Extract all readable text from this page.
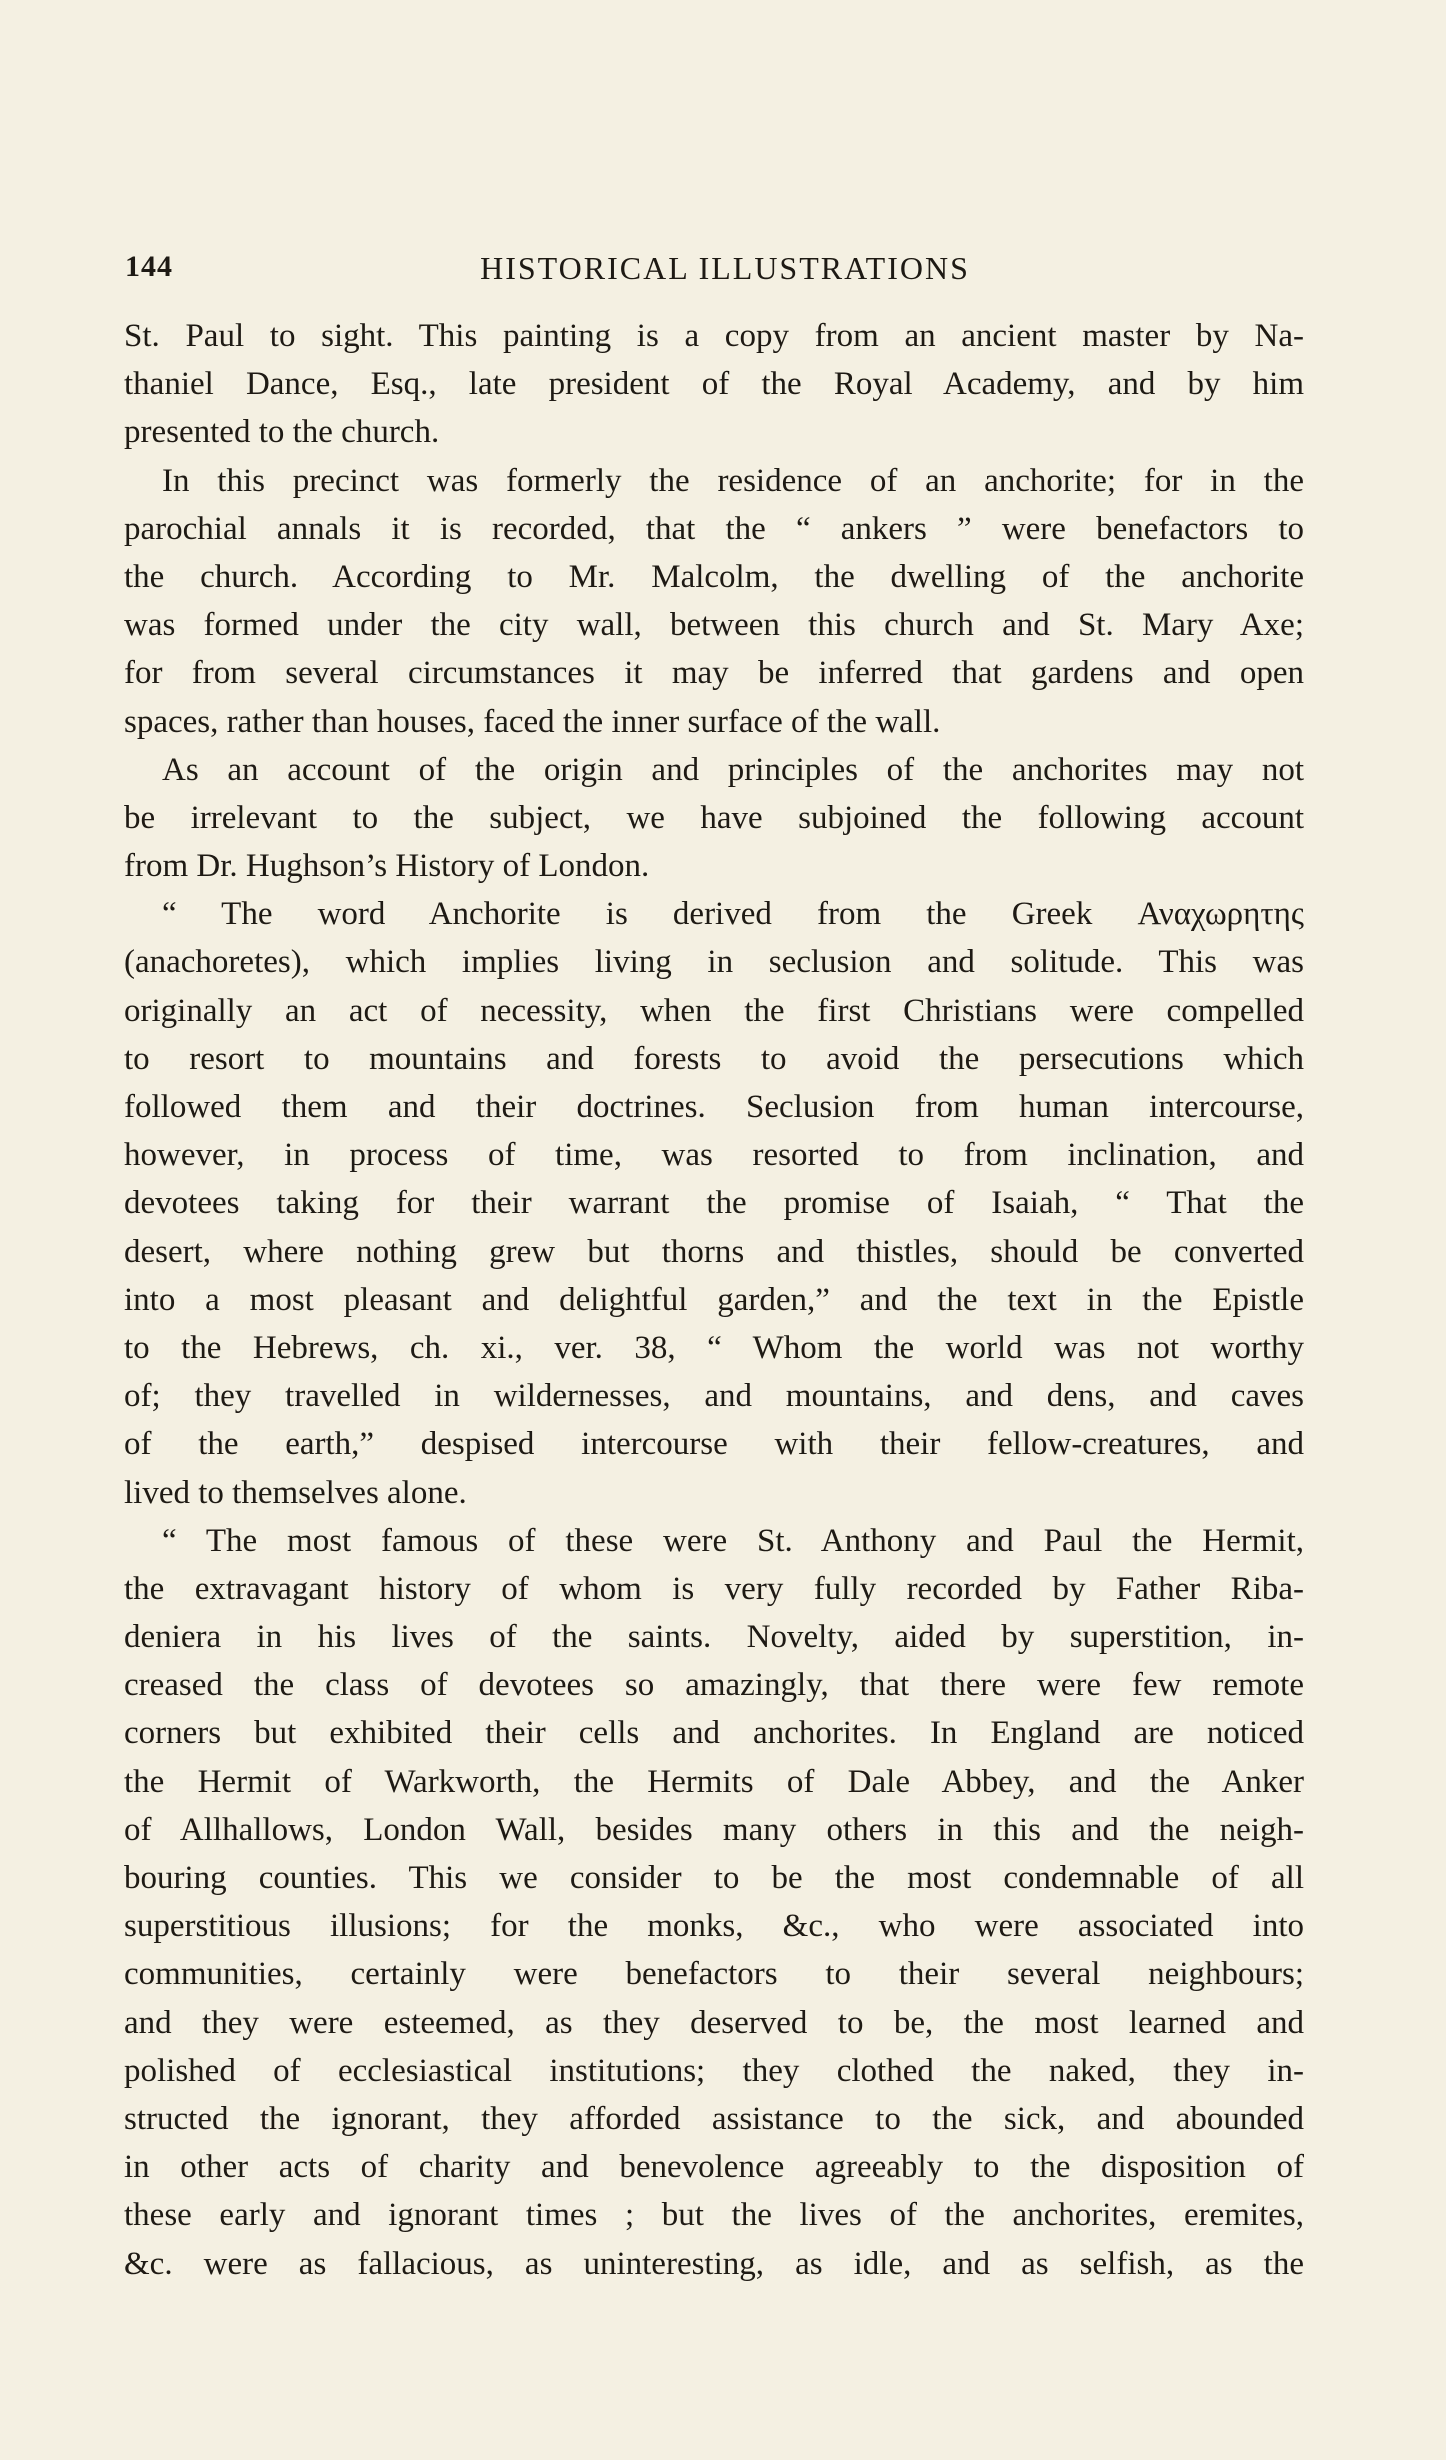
144	HISTORICAL ILLUSTRATIONS
St. Paul to sight. This painting is a copy from an ancient master by Na-
thaniel Dance, Esq., late president of the Royal Academy, and by him
presented to the church.
In this precinct was formerly the residence of an anchorite; for in the
parochial annals it is recorded, that the “ ankers ” were benefactors to
the church. According to Mr. Malcolm, the dwelling of the anchorite
was formed under the city wall, between this church and St. Mary Axe;
for from several circumstances it may be inferred that gardens and open
spaces, rather than houses, faced the inner surface of the wall.
As an account of the origin and principles of the anchorites may not
be irrelevant to the subject, we have subjoined the following account
from Dr. Hughson’s History of London.
“ The word Anchorite is derived from the Greek Αναχωρητης
(anachoretes), which implies living in seclusion and solitude. This was
originally an act of necessity, when the first Christians were compelled
to resort to mountains and forests to avoid the persecutions which
followed them and their doctrines. Seclusion from human intercourse,
however, in process of time, was resorted to from inclination, and
devotees taking for their warrant the promise of Isaiah, “ That the
desert, where nothing grew but thorns and thistles, should be converted
into a most pleasant and delightful garden,” and the text in the Epistle
to the Hebrews, ch. xi., ver. 38, “ Whom the world was not worthy
of; they travelled in wildernesses, and mountains, and dens, and caves
of the earth,” despised intercourse with their fellow-creatures, and
lived to themselves alone.
“ The most famous of these were St. Anthony and Paul the Hermit,
the extravagant history of whom is very fully recorded by Father Riba-
deniera in his lives of the saints. Novelty, aided by superstition, in-
creased the class of devotees so amazingly, that there were few remote
corners but exhibited their cells and anchorites. In England are noticed
the Hermit of Warkworth, the Hermits of Dale Abbey, and the Anker
of Allhallows, London Wall, besides many others in this and the neigh-
bouring counties. This we consider to be the most condemnable of all
superstitious illusions; for the monks, &c., who were associated into
communities, certainly were benefactors to their several neighbours;
and they were esteemed, as they deserved to be, the most learned and
polished of ecclesiastical institutions; they clothed the naked, they in-
structed the ignorant, they afforded assistance to the sick, and abounded
in other acts of charity and benevolence agreeably to the disposition of
these early and ignorant times ; but the lives of the anchorites, eremites,
&c. were as fallacious, as uninteresting, as idle, and as selfish, as the
